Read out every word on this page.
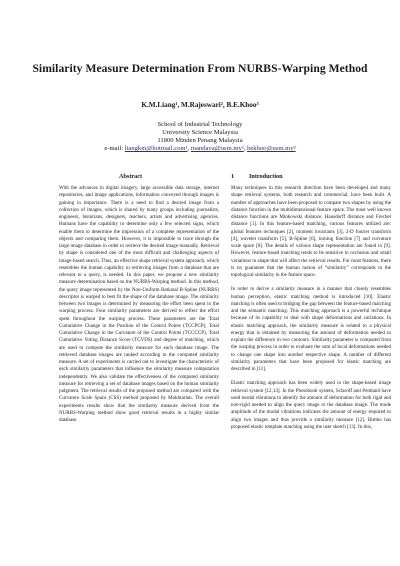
Similarity Measure Determination From NURBS-Warping Method
K.M.Liang¹, M.Rajeswari², B.E.Khoo³
School of Industrial Technology
University Science Malaysia
11800 Minden Penang Malaysia
e-mail: liangkm@hotmail.com¹, mandava@usm.my², bekhoo@usm.my³
Abstract	1 Introduction

With the advances in digital imagery, large accessible data storage, internet repositories, and image applications, information conveyed through images is gaining in importance. There is a need to find a desired image from a collection of images, which is shared by many groups including journalists, engineers, historians, designers, teachers, artists and advertising agencies. Humans have the capability to determine only a few selected signs, which enable them to determine the impression of a complete representation of the objects and comparing them. However, it is impossible to trace through the large image database in order to retrieve the desired image manually. Retrieval by shape is considered one of the most difficult and challenging aspects of image-based search. Thus, an effective shape retrieval system approach, which resembles the human capability in retrieving images from a database that are relevant to a query, is needed. In this paper, we propose a new similarity measure determination based on the NURBS-Warping method. In this method, the query image represented by the Non-Uniform Rational B-Spline (NURBS) descriptor is warped to best fit the shape of the database image. The similarity between two images is determined by measuring the effort been spent in the warping process. Four similarity parameters are derived to reflect the effort spent throughout the warping process. These parameters are the Total Cumulative Change in the Position of the Control Points (TCCPCP), Total Cumulative Change in the Curvature of the Control Points (TCCCCP), Total Cumulative Voting Distance Score (TCVDS) and degree of matching, which are used to compute the similarity measure for each database image. The retrieved database images are ranked according to the computed similarity measure. A set of experiments is carried out to investigate the characteristic of each similarity parameters that influence the similarity measure computation independently. We also validate the effectiveness of the computed similarity measure for retrieving a set of database images based on the human similarity judgment. The retrieval results of the proposed method are compared with the Curvature Scale Space (CSS) method proposed by Mokhtarian. The overall experiments results show that the similarity measure derived from the NURBS-Warping method show good retrieval results in a highly similar database.

Many techniques in this research direction have been developed and many shape retrieval systems, both research and commercial, have been built. A number of approaches have been proposed to compare two shapes by using the distance function in the multidimensional feature space. The most well known distance functions are Minkowski distance, Hausdorff distance and Frechet distance [1]. In this feature-based matching, various features utilized are: global features techniques [2], moment invariants [3], 2-D fourier transform [4], wavelet transform [5], B-Spline [6], turning function [7] and curvature scale space [8]. The details of various shape representation are found in [9]. However, feature-based matching tends to be sensitive to occlusion and small variations in shape that will affect the retrieval results. For most features, there is no guarantee that the human notion of “similarity” corresponds to the topological similarity in the feature space.

In order to derive a similarity measure in a manner that closely resembles human perception, elastic matching method is introduced [10]. Elastic matching is often used to bridging the gap between the feature-based matching and the semantic matching. This matching approach is a powerful technique because of its capability to deal with shape deformations and variations. In elastic matching approach, the similarity measure is related to a physical energy that is obtained by measuring the amount of deformation needed to explain the difference in two contours. Similarity parameter is computed from the warping process in order to evaluate the sum of local deformations needed to change one shape into another respective shape. A number of different similarity parameters that have been proposed for elastic matching are described in [11].

Elastic matching approach has been widely used in the shape-based image retrieval system [12,13]. In the Photobook system, Sclaroff and Pentland have used modal vibrations to identify the amount of deformation for both rigid and non-rigid needed to align the query image to the database image. The mode amplitude of the modal vibrations indicates the amount of energy required to align two images and thus provide a similarity measure [12]. Bimbo has proposed elastic template matching using the user sketch [13]. In this,
